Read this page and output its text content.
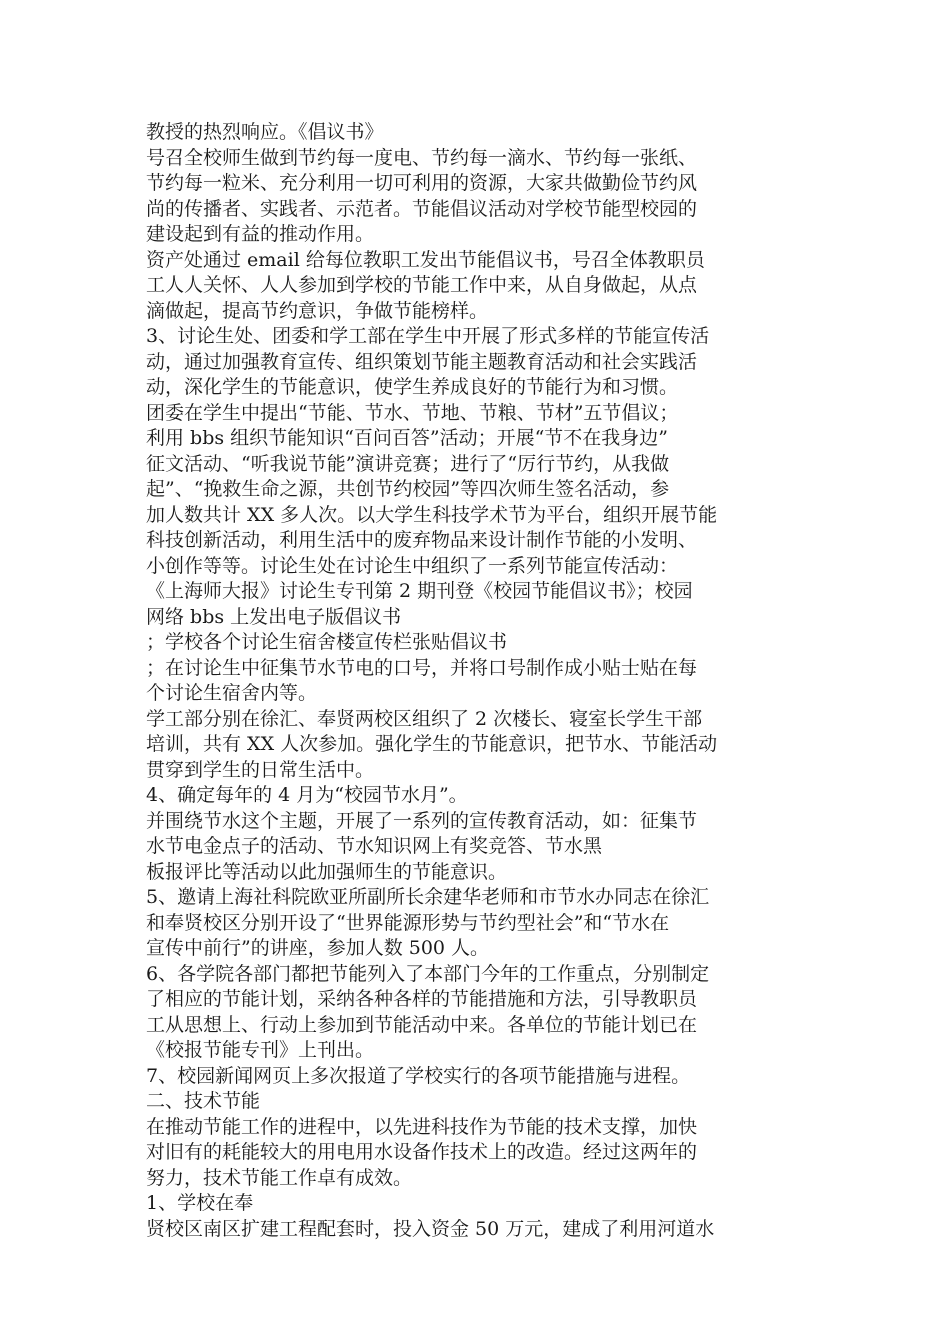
教授的热烈响应。《倡议书》
号召全校师生做到节约每一度电、节约每一滴水、节约每一张纸、
节约每一粒米、充分利用一切可利用的资源，大家共做勤俭节约风
尚的传播者、实践者、示范者。节能倡议活动对学校节能型校园的
建设起到有益的推动作用。
资产处通过 email 给每位教职工发出节能倡议书，号召全体教职员
工人人关怀、人人参加到学校的节能工作中来，从自身做起，从点
滴做起，提高节约意识，争做节能榜样。
3、讨论生处、团委和学工部在学生中开展了形式多样的节能宣传活
动，通过加强教育宣传、组织策划节能主题教育活动和社会实践活
动，深化学生的节能意识，使学生养成良好的节能行为和习惯。
团委在学生中提出“节能、节水、节地、节粮、节材”五节倡议；
利用 bbs 组织节能知识“百问百答”活动；开展“节不在我身边”
征文活动、“听我说节能”演讲竞赛；进行了“厉行节约，从我做
起”、“挽救生命之源，共创节约校园”等四次师生签名活动，参
加人数共计 XX 多人次。以大学生科技学术节为平台，组织开展节能
科技创新活动，利用生活中的废弃物品来设计制作节能的小发明、
小创作等等。讨论生处在讨论生中组织了一系列节能宣传活动：
《上海师大报》讨论生专刊第 2 期刊登《校园节能倡议书》；校园
网络 bbs 上发出电子版倡议书
；学校各个讨论生宿舍楼宣传栏张贴倡议书
；在讨论生中征集节水节电的口号，并将口号制作成小贴士贴在每
个讨论生宿舍内等。
学工部分别在徐汇、奉贤两校区组织了 2 次楼长、寝室长学生干部
培训，共有 XX 人次参加。强化学生的节能意识，把节水、节能活动
贯穿到学生的日常生活中。
4、确定每年的 4 月为“校园节水月”。
并围绕节水这个主题，开展了一系列的宣传教育活动，如：征集节
水节电金点子的活动、节水知识网上有奖竞答、节水黑
板报评比等活动以此加强师生的节能意识。
5、邀请上海社科院欧亚所副所长余建华老师和市节水办同志在徐汇
和奉贤校区分别开设了“世界能源形势与节约型社会”和“节水在
宣传中前行”的讲座，参加人数 500 人。
6、各学院各部门都把节能列入了本部门今年的工作重点，分别制定
了相应的节能计划，采纳各种各样的节能措施和方法，引导教职员
工从思想上、行动上参加到节能活动中来。各单位的节能计划已在
《校报节能专刊》上刊出。
7、校园新闻网页上多次报道了学校实行的各项节能措施与进程。
二、技术节能
在推动节能工作的进程中，以先进科技作为节能的技术支撑，加快
对旧有的耗能较大的用电用水设备作技术上的改造。经过这两年的
努力，技术节能工作卓有成效。
1、学校在奉
贤校区南区扩建工程配套时，投入资金 50 万元，建成了利用河道水
